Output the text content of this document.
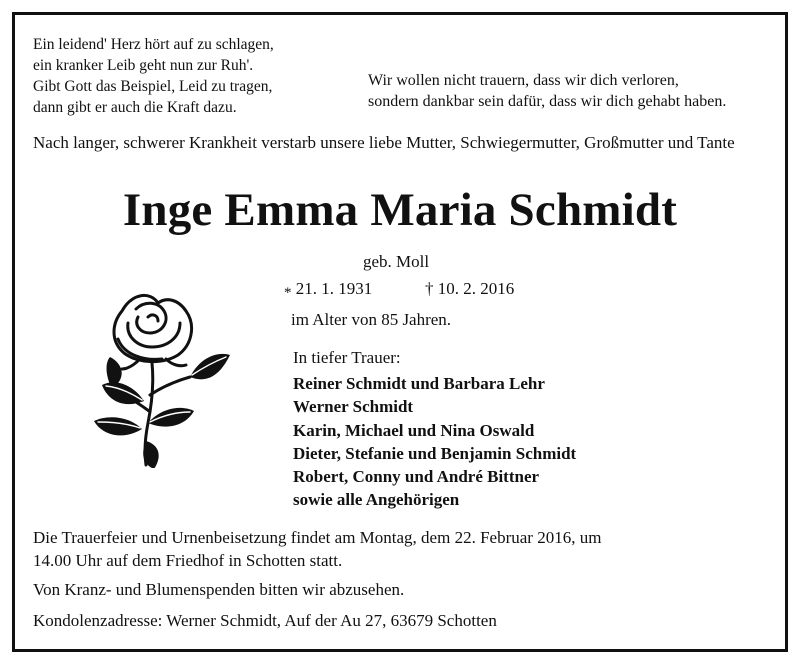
Ein leidend' Herz hört auf zu schlagen,
ein kranker Leib geht nun zur Ruh'.
Gibt Gott das Beispiel, Leid zu tragen,
dann gibt er auch die Kraft dazu.
Wir wollen nicht trauern, dass wir dich verloren,
sondern dankbar sein dafür, dass wir dich gehabt haben.
Nach langer, schwerer Krankheit verstarb unsere liebe Mutter, Schwiegermutter, Großmutter und Tante
Inge Emma Maria Schmidt
geb. Moll
* 21. 1. 1931	† 10. 2. 2016
im Alter von 85 Jahren.
In tiefer Trauer:
Reiner Schmidt und Barbara Lehr
Werner Schmidt
Karin, Michael und Nina Oswald
Dieter, Stefanie und Benjamin Schmidt
Robert, Conny und André Bittner
sowie alle Angehörigen
Die Trauerfeier und Urnenbeisetzung findet am Montag, dem 22. Februar 2016, um
14.00 Uhr auf dem Friedhof in Schotten statt.
Von Kranz- und Blumenspenden bitten wir abzusehen.
Kondolenzadresse: Werner Schmidt, Auf der Au 27, 63679 Schotten
